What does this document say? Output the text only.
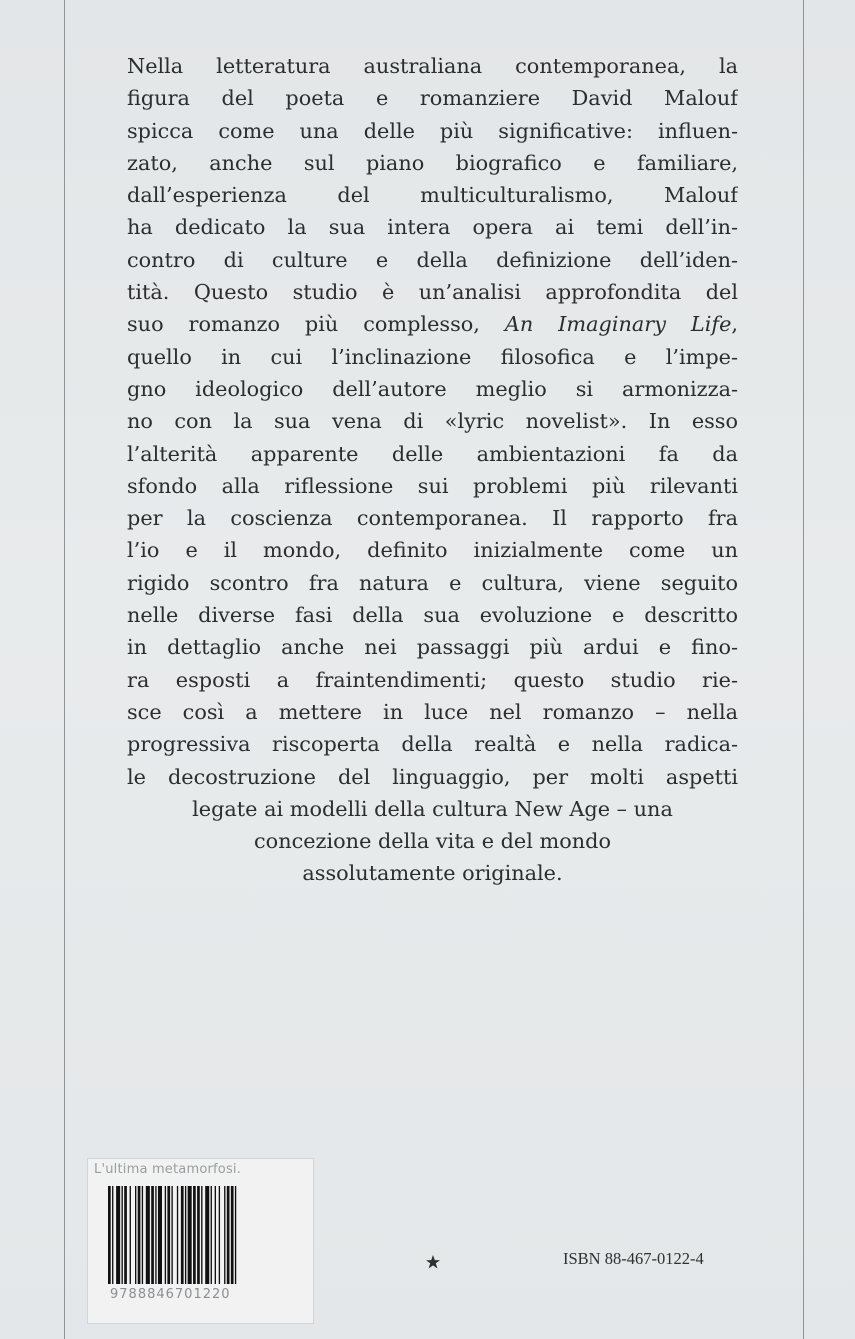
Nella letteratura australiana contemporanea, la
figura del poeta e romanziere David Malouf
spicca come una delle più significative: influen-
zato, anche sul piano biografico e familiare,
dall’esperienza del multiculturalismo, Malouf
ha dedicato la sua intera opera ai temi dell’in-
contro di culture e della definizione dell’iden-
tità. Questo studio è un’analisi approfondita del
suo romanzo più complesso, An Imaginary Life,
quello in cui l’inclinazione filosofica e l’impe-
gno ideologico dell’autore meglio si armonizza-
no con la sua vena di «lyric novelist». In esso
l’alterità apparente delle ambientazioni fa da
sfondo alla riflessione sui problemi più rilevanti
per la coscienza contemporanea. Il rapporto fra
l’io e il mondo, definito inizialmente come un
rigido scontro fra natura e cultura, viene seguito
nelle diverse fasi della sua evoluzione e descritto
in dettaglio anche nei passaggi più ardui e fino-
ra esposti a fraintendimenti; questo studio rie-
sce così a mettere in luce nel romanzo – nella
progressiva riscoperta della realtà e nella radica-
le decostruzione del linguaggio, per molti aspetti
legate ai modelli della cultura New Age – una
concezione della vita e del mondo
assolutamente originale.
L'ultima metamorfosi.
9788846701220
ISBN 88-467-0122-4
